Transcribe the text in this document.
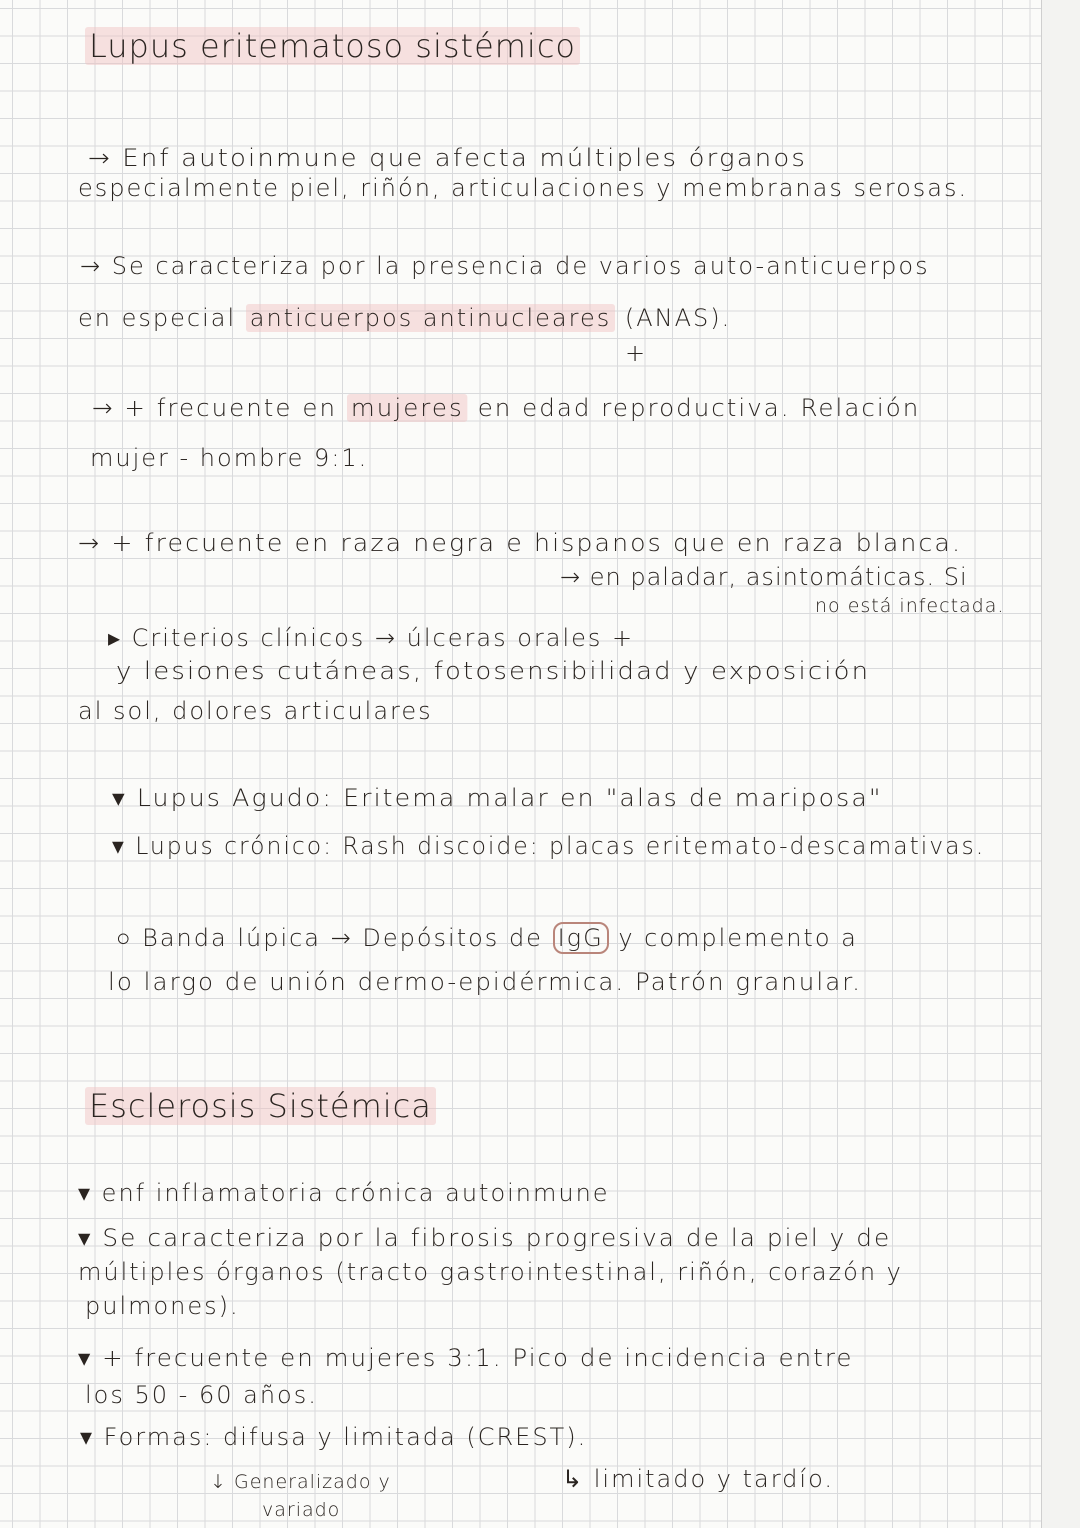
Lupus eritematoso sistémico
→ Enf autoinmune que afecta múltiples órganos
especialmente piel, riñón, articulaciones y membranas serosas.
→ Se caracteriza por la presencia de varios auto-anticuerpos
en especial anticuerpos antinucleares (ANAS).
+
→ + frecuente en mujeres en edad reproductiva. Relación
mujer - hombre 9:1.
→ + frecuente en raza negra e hispanos que en raza blanca.
→ en paladar, asintomáticas. Si
no está infectada.
▸ Criterios clínicos → úlceras orales +
y lesiones cutáneas, fotosensibilidad y exposición
al sol, dolores articulares
▾ Lupus Agudo: Eritema malar en "alas de mariposa"
▾ Lupus crónico: Rash discoide: placas eritemato-descamativas.
○ Banda lúpica → Depósitos de IgG y complemento a
lo largo de unión dermo-epidérmica. Patrón granular.
Esclerosis Sistémica
▾ enf inflamatoria crónica autoinmune
▾ Se caracteriza por la fibrosis progresiva de la piel y de
múltiples órganos (tracto gastrointestinal, riñón, corazón y
pulmones).
▾ + frecuente en mujeres 3:1. Pico de incidencia entre
los 50 - 60 años.
▾ Formas: difusa y limitada (CREST).
↓ Generalizado y
variado
↳ limitado y tardío.
